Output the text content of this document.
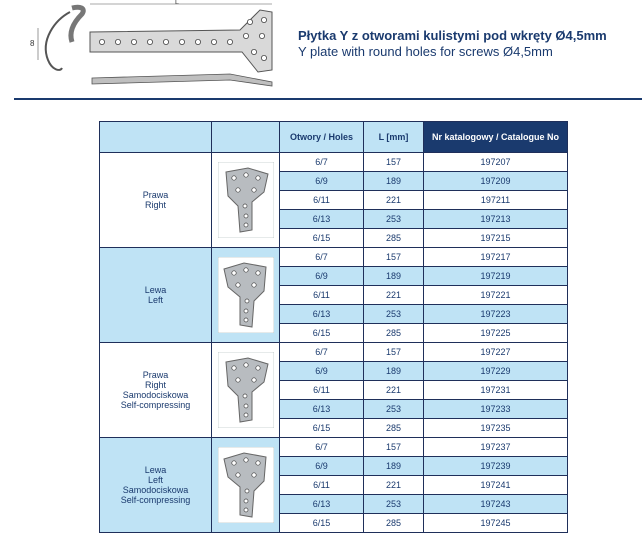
8
L
Płytka Y z otworami kulistymi pod wkręty Ø4,5mm
Y plate with round holes for screws Ø4,5mm
		Otwory / Holes	L [mm]	Nr katalogowy / Catalogue No

Prawa
Right		6/7	157	197207
		6/9	189	197209
		6/11	221	197211
		6/13	253	197213
		6/15	285	197215

Lewa
Left		6/7	157	197217
		6/9	189	197219
		6/11	221	197221
		6/13	253	197223
		6/15	285	197225

Prawa
Right
Samodociskowa
Self-compressing		6/7	157	197227
		6/9	189	197229
		6/11	221	197231
		6/13	253	197233
		6/15	285	197235

Lewa
Left
Samodociskowa
Self-compressing		6/7	157	197237
		6/9	189	197239
		6/11	221	197241
		6/13	253	197243
		6/15	285	197245
